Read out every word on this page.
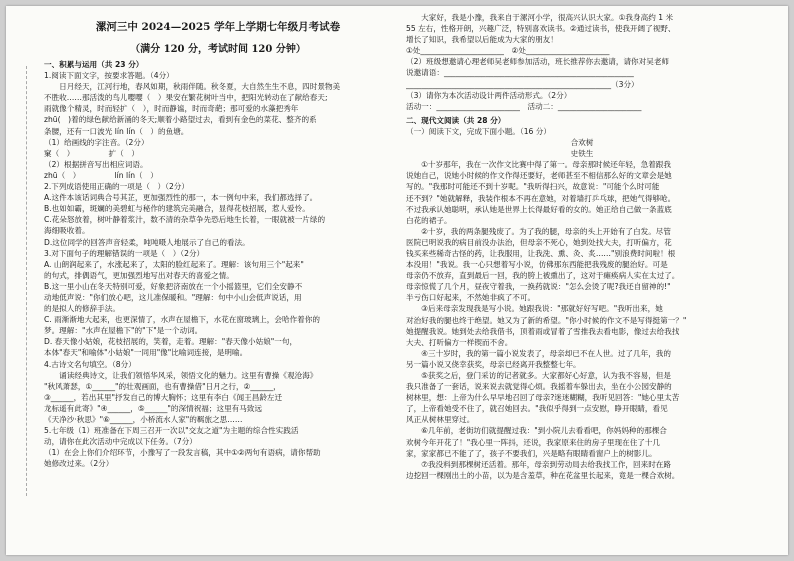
漯河三中 2024—2025 学年上学期七年级月考试卷
（满分 120 分，考试时间 120 分钟）
一、积累与运用（共 23 分）
1.阅读下面文字，按要求答题。（4分）
　　日月经天，江河行地，春风如期，秋雨伴随。秋冬夏，大自然生生不息，四时景物美
不胜收……那活泼的鸟儿嘤嘤（　）果安在繁花树叶当中，把阳光转动在了献给春天;
雨就像个精灵，时而轻扩（　），时而静谧，时而奇葩；那可爱的水藻把秀年
zhū(　)着的绿色献给新涌的冬天;顺着小路望过去，看到有金色的菜花、整齐的系
条腰，还有一口波光 lín lín（　）的鱼塘。
（1）给画线的字注音。（2分）
窠（　）　　　　　扩（　）
（2）根据拼音写出相应词语。
zhū（　）　　　　　lín lín（　）
2.下列成语使用正确的一项是（　）（2分）
A.这件本该话词典合号其芷，更加强烈性的那一，本一例句中来，我们都选择了。
B.也如如霸，斑斓的美碧虹与秘作的建筑完美融合，显得花枝招展，惹人爱怜。
C.花朵怒放着，树叶静着浆汁，数不清的杂草争先恐后地生长着，一眼就被一片绿的
海细吸收着。
D.这位同学的回答声音轻柔，吨吨嗫人地展示了自己的看法。
3.对下面句子的理解错误的一项是（　）（2分）
A. 山朗润起来了，水涨起来了，太阳的脸红起来了。理解：该句用三个"起来"
的句式，排偶语气，更加强烈地写出对春天的喜爱之情。
B.这一里小山在冬天特别可爱，好象把济南放在一个小摇篮里，它们全安静不
动地低声说："你们放心吧，这儿准保暖和。"理解：句中小山会低声说话，用
的是拟人的修辞手法。
C. 雨渐渐地大起来，也更深情了，水声在屋檐下，水花在窗玻璃上，会哈作着你的
梦。理解："水声在屋檐下"的"下"是一个动词。
D. 春天像小姑娘，花枝招展的，笑着，走着。理解："春天像小姑娘"一句，
本体"春天"和喻体"小姑娘"一同用"像"比喻词连接，是明喻。
4.古诗文名句填空。（8分）
　　诵读经典诗文，让我们领悟华风采，领悟文化的魅力。这里有曹操《观沧海》
"秋风萧瑟，①______"的壮观画面，也有曹操借"日月之行，②______，
③______，若出其里"抒发自己的博大胸怀；这里有李白《闻王昌龄左迁
龙标遥有此寄》"④______，⑤______"的深情祝福；这里有马致远
《天净沙·秋思》"⑥______，小桥流水人家"的羁旅之思……
5.七年级（1）班准备在下周三召开一次以"交友之道"为主题的综合性实践活
动，请你在此次活动中完成以下任务。（7分）
（1）在会上你们介绍环节，小豫写了一段发言稿，其中①②两句有语病，请你帮助
她修改过来。（2分）
　　大家好，我是小豫，我来自于漯河小学，很高兴认识大家。①我身高约 1 米
55 左右，性格开朗，兴趣广泛，特别喜欢读书。②通过读书，使我开阔了视野、
增长了知识，我希望以后能成为大家的朋友！
①处______________________　②处______________________
（2）班级想邀请心理老师吴老师参加活动，班长推荐你去邀请，请你对吴老师
说邀请语：__________________________________________________
______________________________________________________（3分）
（3）请你为本次活动设计两件活动形式。（2分）
活动一：______________________　活动二：______________________
二、现代文阅读（共 28 分）
（一）阅读下文，完成下面小题。（16 分）
合欢树
史铁生
　　①十岁那年，我在一次作文比赛中得了第一。母亲那时候还年轻，急着跟我
说她自己，说她小时候的作文作得还要好，老师甚至不相信那么好的文章会是她
写的。"我那时可能还不到十岁呢。"我听得扫兴，故意说："可能个么时可能
还不到？"她就解释，我装作根本不再在意她，对着墙打乒乓球，把她气得够呛。
不过我承认她聪明，承认她是世界上长得最好看的女的。她正给自己做一条蓝底
白花的裙子。
　　②十岁，我的两条腿残废了。为了我的腿，母亲的头上开始有了白发。尽管
医院已明说我的病目前没办法治，但母亲不死心，她到处找大夫，打听偏方，花
钱买来些稀奇古怪的药，让我服用，让我洗、熏、灸、炙……"别浪费时间啦！根
本没用！"我说。我一心只想着写小说，仿佛那东西能把我残废的腿治好。可是
母亲仍不放弃，直到最后一回，我的胯上被熏出了，这对于瘫痪病人实在太过了。
母亲惊慌了几个月，昼夜守着我，一换药就说："怎么会烫了呢?我还自留神的!"
半亏伤口好起来，不然她非疯了不可。
　　③后来母亲发现我是写小说。她跟我说："那就好好写吧。"我听出来，她
对治好我的腿也终于绝望。她又为了新的希望。"你小时候的作文不是写得挺第一？"
她提醒我说。她到处去给我借书，顶着雨或冒着了雪推我去看电影，像过去给我找
大夫、打听偏方一样锲而不舍。
　　④三十岁时，我的第一篇小说发表了，母亲却已不在人世。过了几年，我的
另一篇小说又侥幸获奖，母亲已经离开我整整七年。
　　⑤获奖之后，登门采访的记者就多。大家都好心好意，认为我不容易，但是
我只准备了一套话，说来说去就觉得心烦。我摇着车躲出去，坐在小公园安静的
树林里，想：上帝为什么早早地召回了母亲?迷迷糊糊，我听见回答："她心里太苦
了，上帝看她受不住了，就召她回去。"我似乎得到一点安慰，睁开眼睛，看见
风正从树林里穿过。
　　⑥几年前，老街坊们就提醒过我："到小院儿去看看吧，你妈妈种的那棵合
欢树今年开花了！"我心里一阵抖，还说，我家原来住的房子里现在住了十几
家，家家都已不能了了，孩子不要我们，兴是略有眼睛看窗户上的树影儿。
　　⑦我没料到那棵树还活着。那年，母亲到劳动局去给我找工作，回来时在路
边挖回一棵刚出土的小苗，以为是含羞草，种在花盆里长起来，竟是一棵合欢树。
